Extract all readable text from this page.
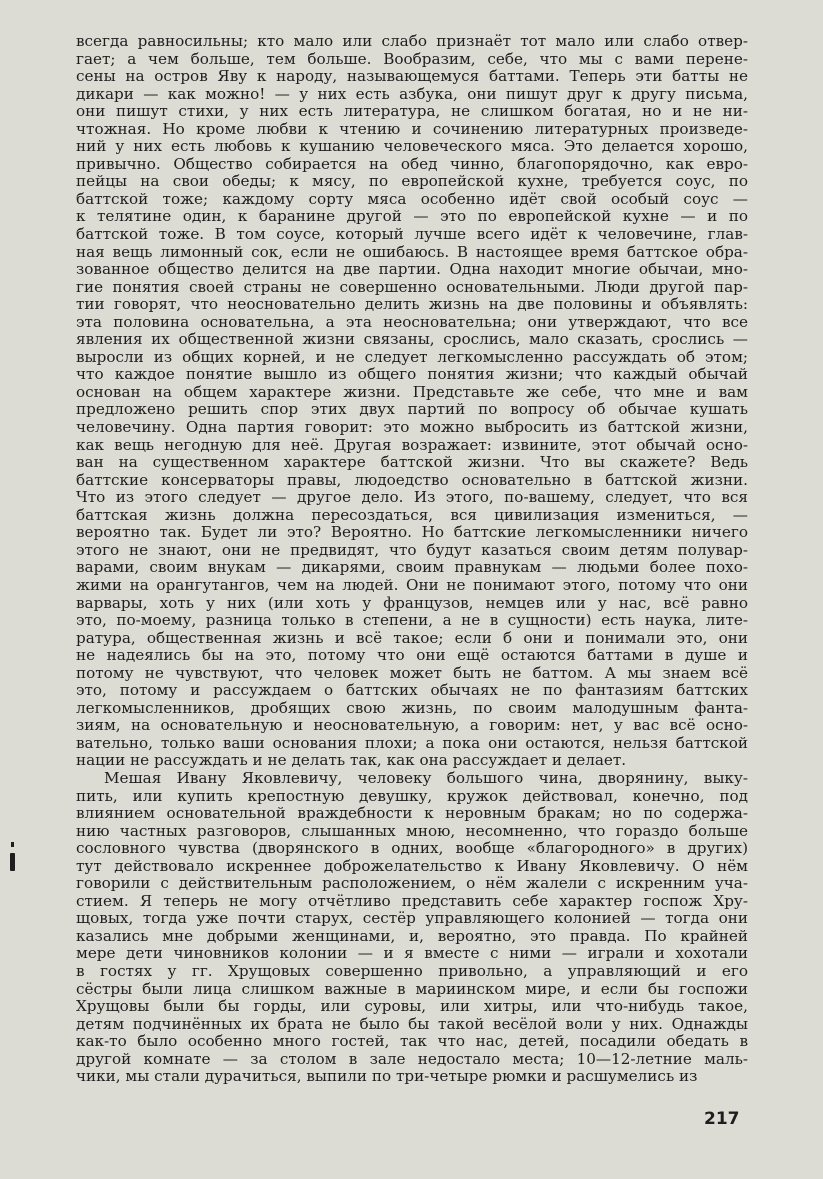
всегда равносильны; кто мало или слабо признаёт тот мало или слабо отвер-
гает; а чем больше, тем больше. Вообразим, себе, что мы с вами перене-
сены на остров Яву к народу, называющемуся баттами. Теперь эти батты не
дикари — как можно! — у них есть азбука, они пишут друг к другу письма,
они пишут стихи, у них есть литература, не слишком богатая, но и не ни-
чтожная. Но кроме любви к чтению и сочинению литературных произведе-
ний у них есть любовь к кушанию человеческого мяса. Это делается хорошо,
привычно. Общество собирается на обед чинно, благопорядочно, как евро-
пейцы на свои обеды; к мясу, по европейской кухне, требуется соус, по
баттской тоже; каждому сорту мяса особенно идёт свой особый соус —
к телятине один, к баранине другой — это по европейской кухне — и по
баттской тоже. В том соусе, который лучше всего идёт к человечине, глав-
ная вещь лимонный сок, если не ошибаюсь. В настоящее время баттское обра-
зованное общество делится на две партии. Одна находит многие обычаи, мно-
гие понятия своей страны не совершенно основательными. Люди другой пар-
тии говорят, что неосновательно делить жизнь на две половины и объявлять:
эта половина основательна, а эта неосновательна; они утверждают, что все
явления их общественной жизни связаны, срослись, мало сказать, срослись —
выросли из общих корней, и не следует легкомысленно рассуждать об этом;
что каждое понятие вышло из общего понятия жизни; что каждый обычай
основан на общем характере жизни. Представьте же себе, что мне и вам
предложено решить спор этих двух партий по вопросу об обычае кушать
человечину. Одна партия говорит: это можно выбросить из баттской жизни,
как вещь негодную для неё. Другая возражает: извините, этот обычай осно-
ван на существенном характере баттской жизни. Что вы скажете? Ведь
баттские консерваторы правы, людоедство основательно в баттской жизни.
Что из этого следует — другое дело. Из этого, по-вашему, следует, что вся
баттская жизнь должна пересоздаться, вся цивилизация измениться, —
вероятно так. Будет ли это? Вероятно. Но баттские легкомысленники ничего
этого не знают, они не предвидят, что будут казаться своим детям полувар-
варами, своим внукам — дикарями, своим правнукам — людьми более похо-
жими на орангутангов, чем на людей. Они не понимают этого, потому что они
варвары, хоть у них (или хоть у французов, немцев или у нас, всё равно
это, по-моему, разница только в степени, а не в сущности) есть наука, лите-
ратура, общественная жизнь и всё такое; если б они и понимали это, они
не надеялись бы на это, потому что они ещё остаются баттами в душе и
потому не чувствуют, что человек может быть не баттом. А мы знаем всё
это, потому и рассуждаем о баттских обычаях не по фантазиям баттских
легкомысленников, дробящих свою жизнь, по своим малодушным фанта-
зиям, на основательную и неосновательную, а говорим: нет, у вас всё осно-
вательно, только ваши основания плохи; а пока они остаются, нельзя баттской
нации не рассуждать и не делать так, как она рассуждает и делает.
Мешая Ивану Яковлевичу, человеку большого чина, дворянину, выку-
пить, или купить крепостную девушку, кружок действовал, конечно, под
влиянием основательной враждебности к неровным бракам; но по содержа-
нию частных разговоров, слышанных мною, несомненно, что гораздо больше
сословного чувства (дворянского в одних, вообще «благородного» в других)
тут действовало искреннее доброжелательство к Ивану Яковлевичу. О нём
говорили с действительным расположением, о нём жалели с искренним уча-
стием. Я теперь не могу отчётливо представить себе характер госпож Хру-
щовых, тогда уже почти старух, сестёр управляющего колонией — тогда они
казались мне добрыми женщинами, и, вероятно, это правда. По крайней
мере дети чиновников колонии — и я вместе с ними — играли и хохотали
в гостях у гг. Хрущовых совершенно привольно, а управляющий и его
сёстры были лица слишком важные в мариинском мире, и если бы госпожи
Хрущовы были бы горды, или суровы, или хитры, или что-нибудь такое,
детям подчинённых их брата не было бы такой весёлой воли у них. Однажды
как-то было особенно много гостей, так что нас, детей, посадили обедать в
другой комнате — за столом в зале недостало места; 10—12-летние маль-
чики, мы стали дурачиться, выпили по три-четыре рюмки и расшумелись из
217
